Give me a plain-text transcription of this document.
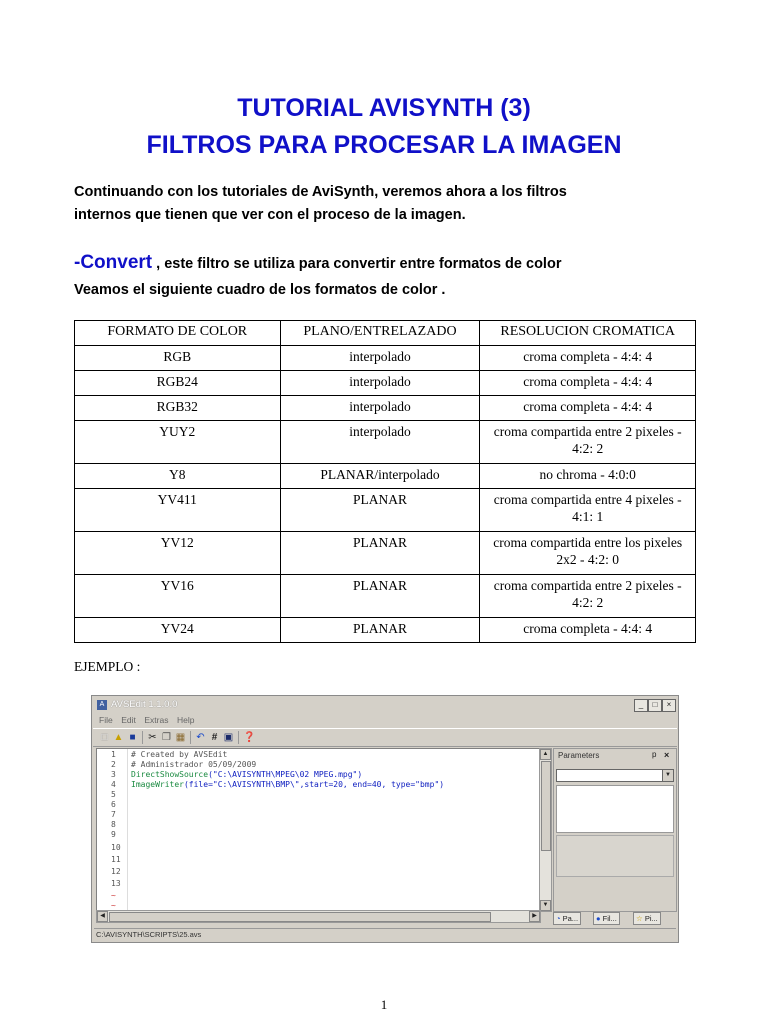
TUTORIAL AVISYNTH (3)
FILTROS PARA PROCESAR LA IMAGEN

Continuando con los tutoriales de AviSynth, veremos ahora a los filtros
internos que tienen que ver con el proceso de la imagen.

-Convert , este filtro se utiliza para convertir entre formatos de color
Veamos el siguiente cuadro de los formatos de color .

FORMATO DE COLOR	PLANO/ENTRELAZADO	RESOLUCION CROMATICA
RGB	interpolado	croma completa - 4:4: 4
RGB24	interpolado	croma completa - 4:4: 4
RGB32	interpolado	croma completa - 4:4: 4
YUY2	interpolado	croma compartida entre 2 pixeles - 4:2: 2
Y8	PLANAR/interpolado	no chroma - 4:0:0
YV411	PLANAR	croma compartida entre 4 pixeles - 4:1: 1
YV12	PLANAR	croma compartida entre los pixeles 2x2 - 4:2: 0
YV16	PLANAR	croma compartida entre 2 pixeles - 4:2: 2
YV24	PLANAR	croma completa - 4:4: 4

EJEMPLO :

A AVSEdit 1.1.0.0	_	□	×
File Edit Extras Help
□ ▲ ■ ✂ ❐ ▦ ↶ # ▣ ❓
1
2
3
4
5
6
7
8
9
10
11
12
13
~
~
# Created by AVSEdit
# Administrador 05/09/2009
DirectShowSource("C:\AVISYNTH\MPEG\02 MPEG.mpg")
ImageWriter(file="C:\AVISYNTH\BMP\",start=20, end=40, type="bmp")
▲
▼
◀	▶
Parameters	p ×
▼
◔ Pa...	● Fil...	☆ Pi...
C:\AVISYNTH\SCRIPTS\25.avs

1
